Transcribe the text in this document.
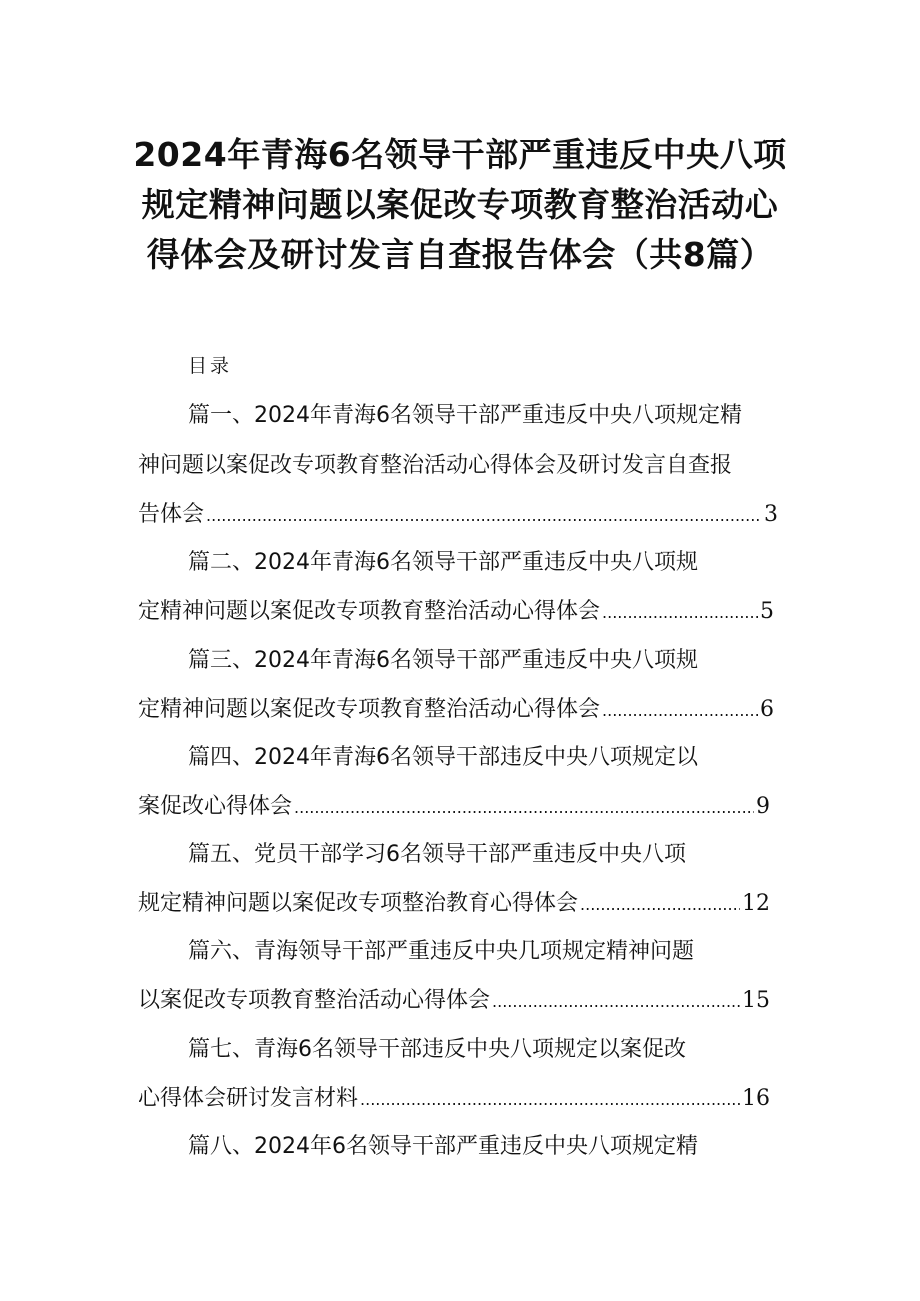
2024年青海6名领导干部严重违反中央八项规定精神问题以案促改专项教育整治活动心得体会及研讨发言自查报告体会（共8篇）
目录
篇一、2024年青海6名领导干部严重违反中央八项规定精
神问题以案促改专项教育整治活动心得体会及研讨发言自查报
告体会 .....	3
篇二、2024年青海6名领导干部严重违反中央八项规
定精神问题以案促改专项教育整治活动心得体会 .....	5
篇三、2024年青海6名领导干部严重违反中央八项规
定精神问题以案促改专项教育整治活动心得体会 .....	6
篇四、2024年青海6名领导干部违反中央八项规定以
案促改心得体会 .....	9
篇五、党员干部学习6名领导干部严重违反中央八项
规定精神问题以案促改专项整治教育心得体会 .....	12
篇六、青海领导干部严重违反中央几项规定精神问题
以案促改专项教育整治活动心得体会 .....	15
篇七、青海6名领导干部违反中央八项规定以案促改
心得体会研讨发言材料 .....	16
篇八、2024年6名领导干部严重违反中央八项规定精
